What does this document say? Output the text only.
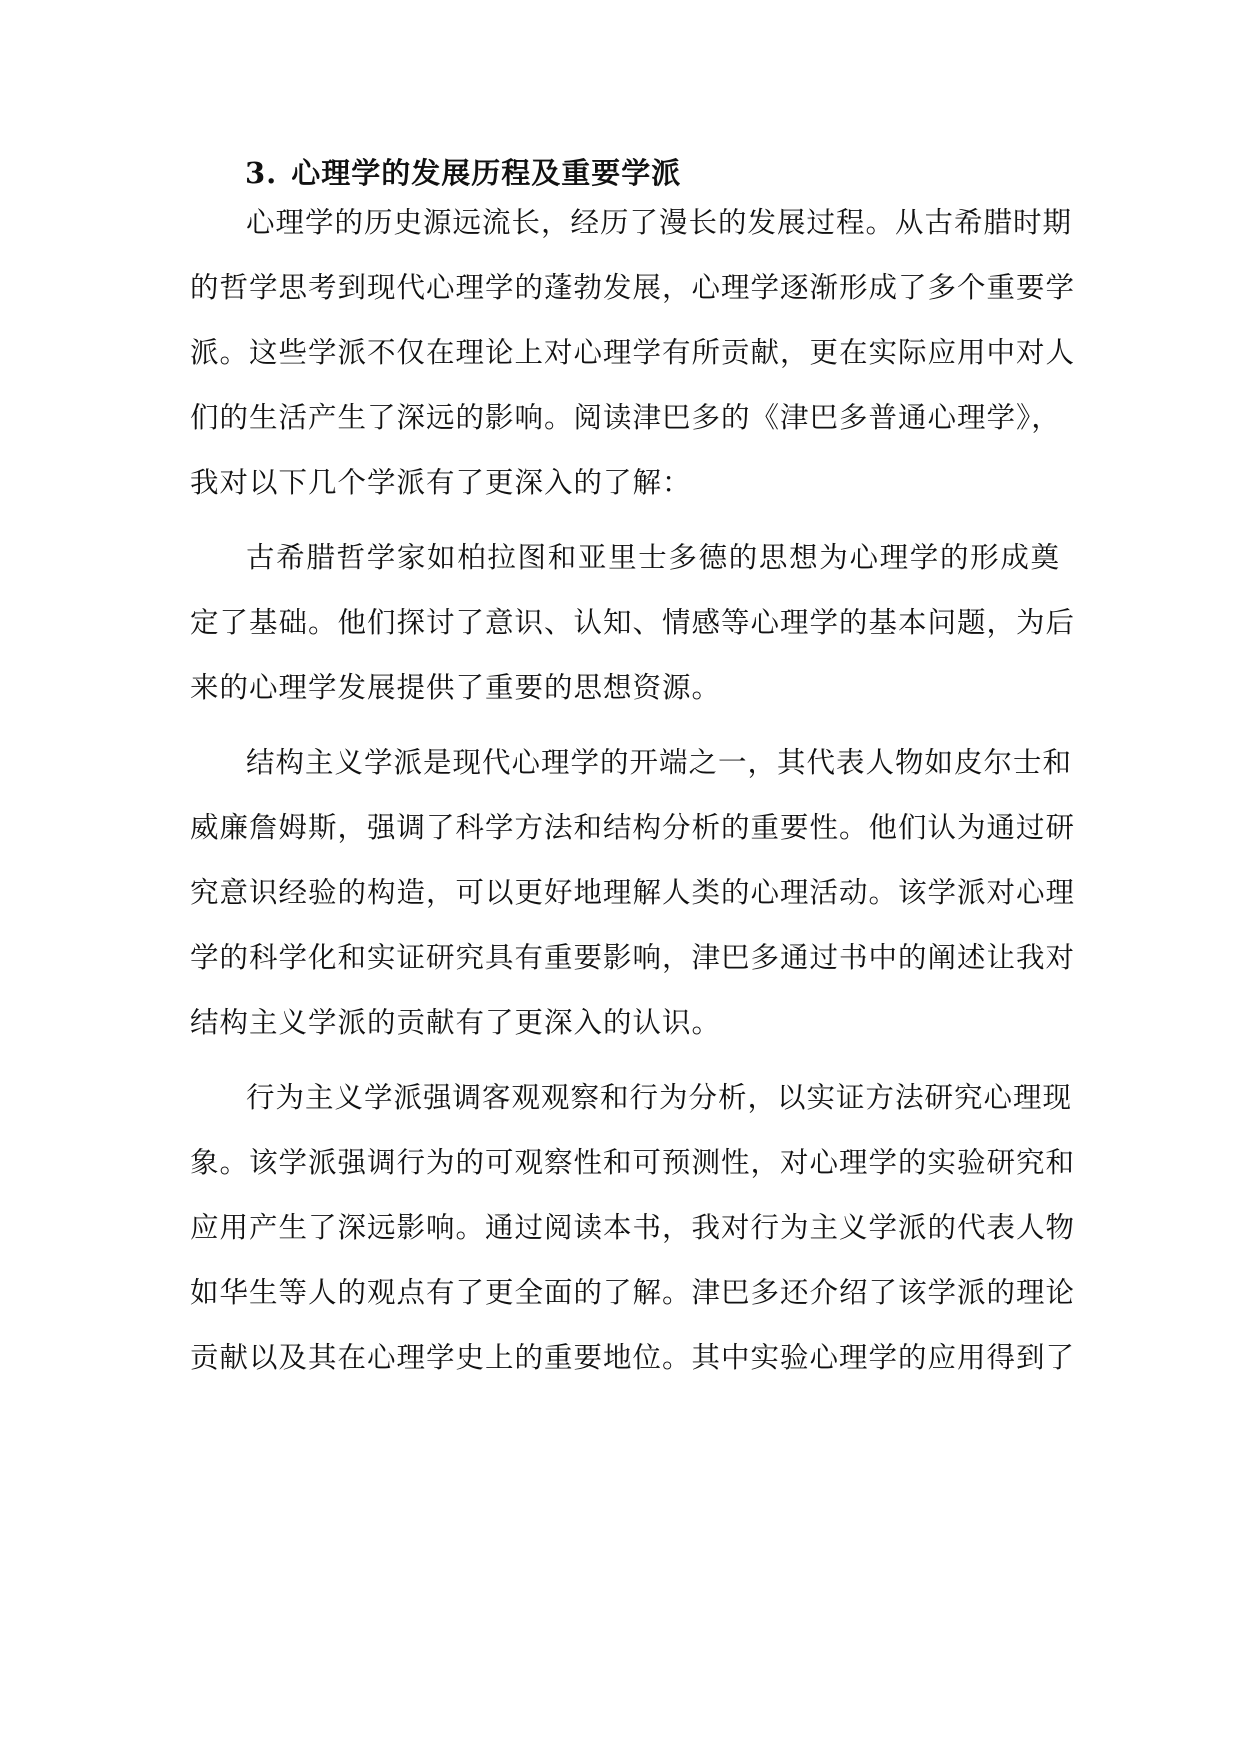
3. 心理学的发展历程及重要学派

心理学的历史源远流长，经历了漫长的发展过程。从古希腊时期

的哲学思考到现代心理学的蓬勃发展，心理学逐渐形成了多个重要学

派。这些学派不仅在理论上对心理学有所贡献，更在实际应用中对人

们的生活产生了深远的影响。阅读津巴多的《津巴多普通心理学》，

我对以下几个学派有了更深入的了解：

古希腊哲学家如柏拉图和亚里士多德的思想为心理学的形成奠

定了基础。他们探讨了意识、认知、情感等心理学的基本问题，为后

来的心理学发展提供了重要的思想资源。

结构主义学派是现代心理学的开端之一，其代表人物如皮尔士和

威廉詹姆斯，强调了科学方法和结构分析的重要性。他们认为通过研

究意识经验的构造，可以更好地理解人类的心理活动。该学派对心理

学的科学化和实证研究具有重要影响，津巴多通过书中的阐述让我对

结构主义学派的贡献有了更深入的认识。

行为主义学派强调客观观察和行为分析，以实证方法研究心理现

象。该学派强调行为的可观察性和可预测性，对心理学的实验研究和

应用产生了深远影响。通过阅读本书，我对行为主义学派的代表人物

如华生等人的观点有了更全面的了解。津巴多还介绍了该学派的理论

贡献以及其在心理学史上的重要地位。其中实验心理学的应用得到了
